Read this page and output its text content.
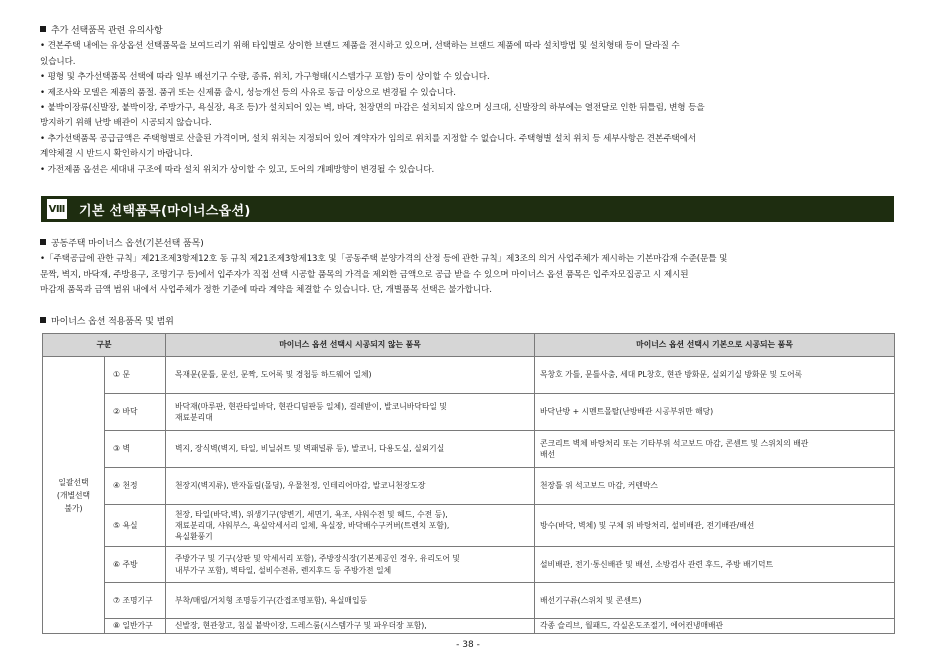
추가 선택품목 관련 유의사항
• 견본주택 내에는 유상옵션 선택품목을 보여드리기 위해 타입별로 상이한 브랜드 제품을 전시하고 있으며, 선택하는 브랜드 제품에 따라 설치방법 및 설치형태 등이 달라질 수
있습니다.
• 평형 및 추가선택품목 선택에 따라 일부 배선기구 수량, 종류, 위치, 가구형태(시스템가구 포함) 등이 상이할 수 있습니다.
• 제조사와 모델은 제품의 품절. 품귀 또는 신제품 출시, 성능개선 등의 사유로 동급 이상으로 변경될 수 있습니다.
• 붙박이장류(신발장, 붙박이장, 주방가구, 욕실장, 욕조 등)가 설치되어 있는 벽, 바닥, 천장면의 마감은 설치되지 않으며 싱크대, 신발장의 하부에는 열전달로 인한 뒤틀림, 변형 등을
방지하기 위해 난방 배관이 시공되지 않습니다.
• 추가선택품목 공급금액은 주택형별로 산출된 가격이며, 설치 위치는 지정되어 있어 계약자가 임의로 위치를 지정할 수 없습니다. 주택형별 설치 위치 등 세부사항은 견본주택에서
계약체결 시 반드시 확인하시기 바랍니다.
• 가전제품 옵션은 세대내 구조에 따라 설치 위치가 상이할 수 있고, 도어의 개폐방향이 변경될 수 있습니다.
Ⅷ 기본 선택품목(마이너스옵션)
공동주택 마이너스 옵션(기본선택 품목)
•「주택공급에 관한 규칙」제21조제3항제12호 동 규칙 제21조제3항제13호 및「공동주택 분양가격의 산정 등에 관한 규칙」제3조의 의거 사업주체가 제시하는 기본마감재 수준(문틀 및
문짝, 벽지, 바닥재, 주방용구, 조명기구 등)에서 입주자가 직접 선택 시공할 품목의 가격을 제외한 금액으로 공급 받을 수 있으며 마이너스 옵션 품목은 입주자모집공고 시 제시된
마감재 품목과 금액 범위 내에서 사업주체가 정한 기준에 따라 계약을 체결할 수 있습니다. 단, 개별품목 선택은 불가합니다.
마이너스 옵션 적용품목 및 범위
구분		마이너스 옵션 선택시 시공되지 않는 품목	마이너스 옵션 선택시 기본으로 시공되는 품목
일괄선택
(개별선택
불가)	① 문	목재문(문틀, 문선, 문짝, 도어록 및 경첩등 하드웨어 일체)	목창호 가틀, 문틀사춤, 세대 PL창호, 현관 방화문, 실외기실 방화문 및 도어록
	② 바닥	바닥재(마루판, 현관타일바닥, 현관디딤판등 일체), 걸레받이, 발코니바닥타일 및
재료분리대	바닥난방 + 시멘트몰탈(난방배관 시공부위만 해당)
	③ 벽	벽지, 장식벽(벽지, 타일, 비닐쉬트 및 벽패널류 등), 발코니, 다용도실, 실외기실	콘크리트 벽체 바탕처리 또는 기타부위 석고보드 마감, 콘센트 및 스위치의 배관
배선
	④ 천정	천장지(벽지류), 반자돌림(몰딩), 우물천정, 인테리어마감, 발코니천장도장	천장틀 위 석고보드 마감, 커텐박스
	⑤ 욕실	천장, 타일(바닥,벽), 위생기구(양변기, 세면기, 욕조, 샤워수전 및 헤드, 수전 등),
재료분리대, 샤워부스, 욕실악세서리 일체, 욕실장, 바닥배수구커버(트렌치 포함),
욕실환풍기	방수(바닥, 벽체) 및 구체 위 바탕처리, 설비배관, 전기배관/배선
	⑥ 주방	주방가구 및 기구(상판 및 악세서리 포함), 주방장식장(기본제공인 경우, 유리도어 및
내부가구 포함), 벽타일, 설비수전류, 렌지후드 등 주방가전 일체	설비배관, 전기·통신배관 및 배선, 소방검사 관련 후드, 주방 배기덕트
	⑦ 조명기구	부착/매립/거치형 조명등기구(간접조명포함), 욕실매입등	배선기구류(스위치 및 콘센트)
	⑧ 일반가구	신발장, 현관창고, 침실 붙박이장, 드레스룸(시스템가구 및 파우더장 포함),	각종 슬리브, 월패드, 각실온도조절기, 에어컨냉매배관
- 38 -
